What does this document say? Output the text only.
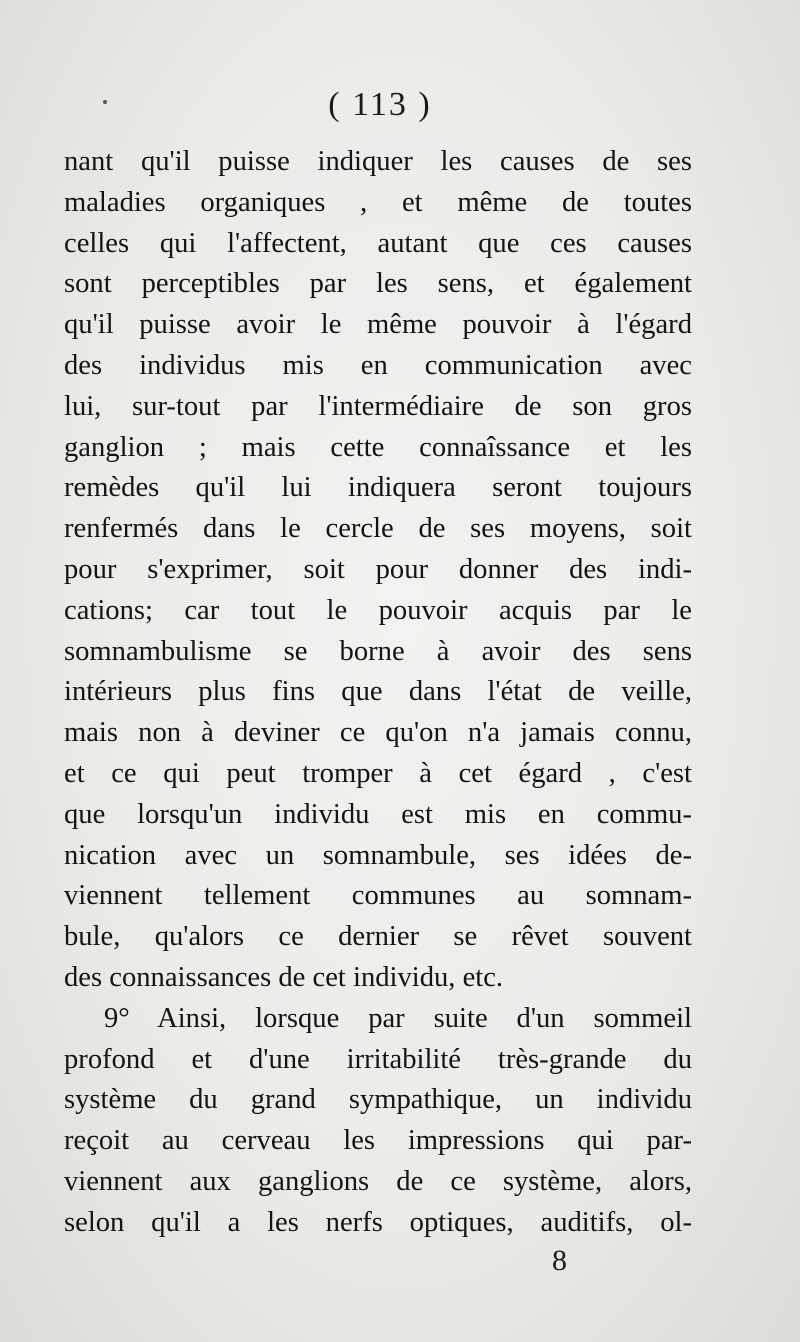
( 113 )
nant qu'il puisse indiquer les causes de ses
maladies organiques , et même de toutes
celles qui l'affectent, autant que ces causes
sont perceptibles par les sens, et également
qu'il puisse avoir le même pouvoir à l'égard
des individus mis en communication avec
lui, sur-tout par l'intermédiaire de son gros
ganglion ; mais cette connaîssance et les
remèdes qu'il lui indiquera seront toujours
renfermés dans le cercle de ses moyens, soit
pour s'exprimer, soit pour donner des indi-
cations; car tout le pouvoir acquis par le
somnambulisme se borne à avoir des sens
intérieurs plus fins que dans l'état de veille,
mais non à deviner ce qu'on n'a jamais connu,
et ce qui peut tromper à cet égard , c'est
que lorsqu'un individu est mis en commu-
nication avec un somnambule, ses idées de-
viennent tellement communes au somnam-
bule, qu'alors ce dernier se rêvet souvent
des connaissances de cet individu, etc.
9° Ainsi, lorsque par suite d'un sommeil
profond et d'une irritabilité très-grande du
système du grand sympathique, un individu
reçoit au cerveau les impressions qui par-
viennent aux ganglions de ce système, alors,
selon qu'il a les nerfs optiques, auditifs, ol-
8
